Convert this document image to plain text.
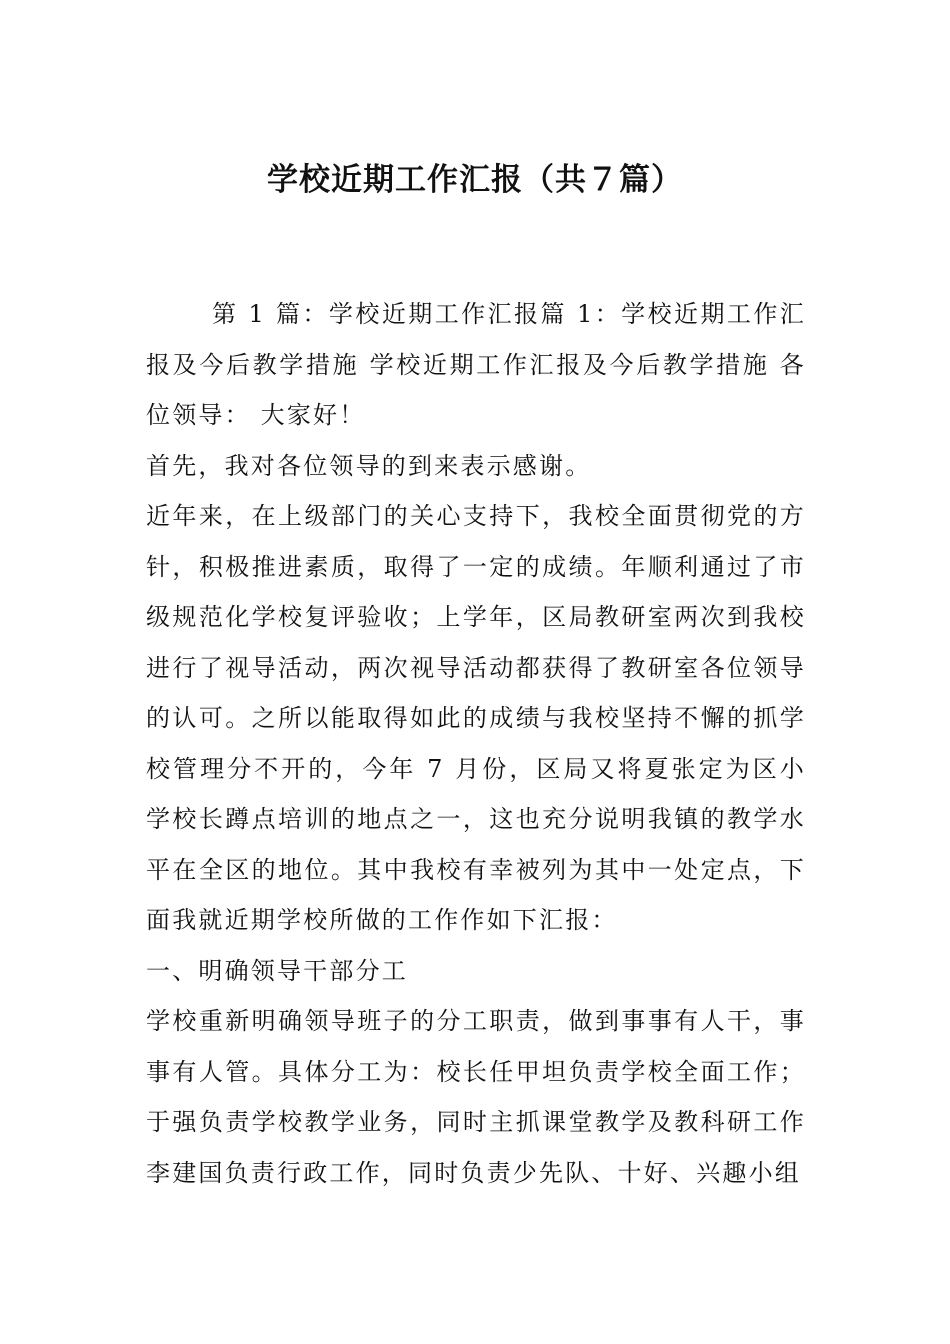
学校近期工作汇报（共７篇）

第 1 篇：学校近期工作汇报篇 1：学校近期工作汇报及今后教学措施 学校近期工作汇报及今后教学措施 各位领导： 大家好！

首先，我对各位领导的到来表示感谢。

近年来，在上级部门的关心支持下，我校全面贯彻党的方针，积极推进素质，取得了一定的成绩。年顺利通过了市级规范化学校复评验收；上学年，区局教研室两次到我校进行了视导活动，两次视导活动都获得了教研室各位领导的认可。之所以能取得如此的成绩与我校坚持不懈的抓学校管理分不开的，今年 7 月份，区局又将夏张定为区小学校长蹲点培训的地点之一，这也充分说明我镇的教学水平在全区的地位。其中我校有幸被列为其中一处定点，下面我就近期学校所做的工作作如下汇报：

一、明确领导干部分工

学校重新明确领导班子的分工职责，做到事事有人干，事事有人管。具体分工为：校长任甲坦负责学校全面工作；于强负责学校教学业务，同时主抓课堂教学及教科研工作李建国负责行政工作，同时负责少先队、十好、兴趣小组
